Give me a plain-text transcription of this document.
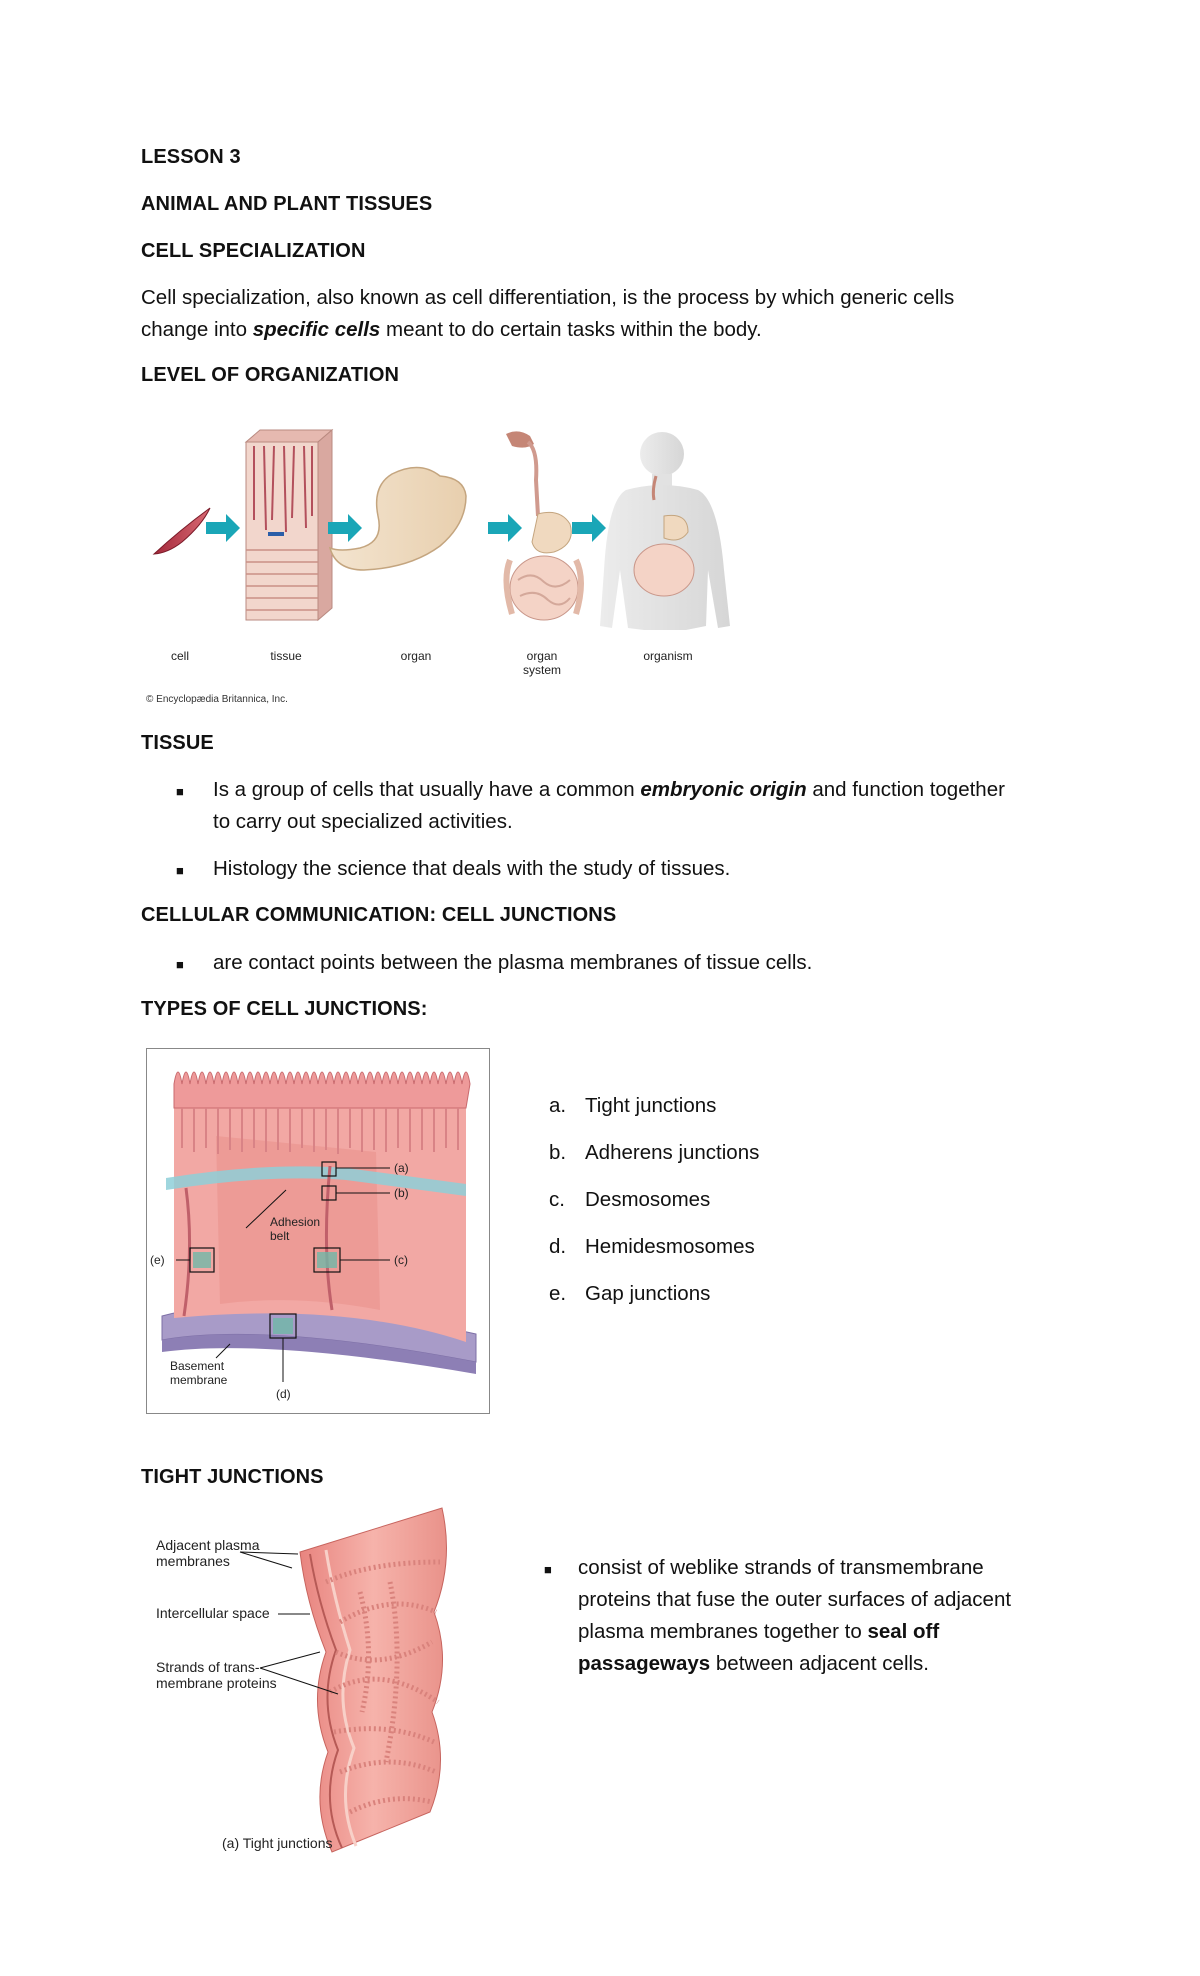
LESSON 3
ANIMAL AND PLANT TISSUES
CELL SPECIALIZATION
Cell specialization, also known as cell differentiation, is the process by which generic cells
change into specific cells meant to do certain tasks within the body.
LEVEL OF ORGANIZATION
cell	tissue	organ	organ
system
organism
© Encyclopædia Britannica, Inc.
TISSUE
■ Is a group of cells that usually have a common embryonic origin and function together
to carry out specialized activities.
■ Histology the science that deals with the study of tissues.
CELLULAR COMMUNICATION: CELL JUNCTIONS
■ are contact points between the plasma membranes of tissue cells.
TYPES OF CELL JUNCTIONS:
(a)
(b)
(c)
(d)
(e)
Adhesion
belt
Basement
membrane
a. Tight junctions
b. Adherens junctions
c. Desmosomes
d. Hemidesmosomes
e. Gap junctions
TIGHT JUNCTIONS
Adjacent plasma
membranes
Intercellular space
Strands of trans-
membrane proteins
(a) Tight junctions
■ consist of weblike strands of transmembrane
proteins that fuse the outer surfaces of adjacent
plasma membranes together to seal off
passageways between adjacent cells.
